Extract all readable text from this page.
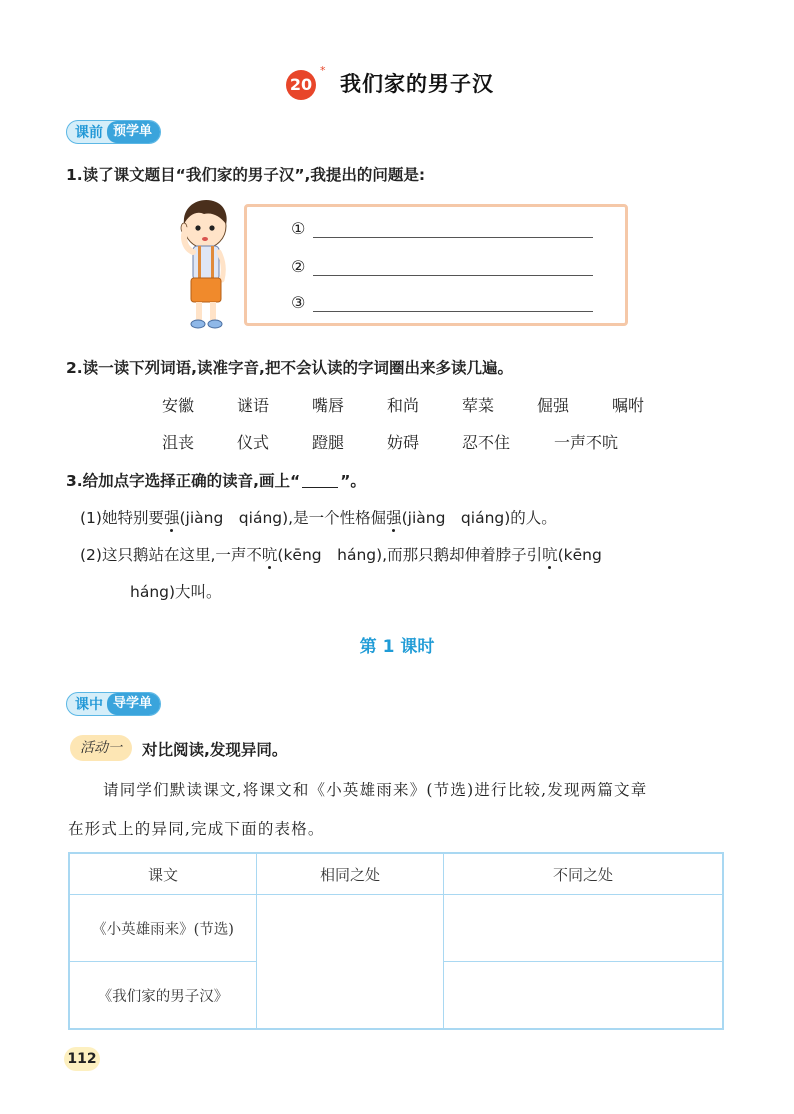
20
*
我们家的男子汉
课前 预学单
1.读了课文题目“我们家的男子汉”,我提出的问题是:
①
②
③
2.读一读下列词语,读准字音,把不会认读的字词圈出来多读几遍。
安徽	谜语	嘴唇	和尚	荤菜	倔强	嘱咐
沮丧	仪式	蹬腿	妨碍	忍不住	一声不吭
3.给加点字选择正确的读音,画上“	”。
(1)她特别要强(jiàng　qiáng),是一个性格倔强(jiàng　qiáng)的人。
(2)这只鹅站在这里,一声不吭(kēng　háng),而那只鹅却伸着脖子引吭(kēng
háng)大叫。
第 1 课时
课中 导学单
活动一	对比阅读,发现异同。
请同学们默读课文,将课文和《小英雄雨来》(节选)进行比较,发现两篇文章
在形式上的异同,完成下面的表格。
课文	相同之处	不同之处
《小英雄雨来》(节选)		
《我们家的男子汉》		
112
